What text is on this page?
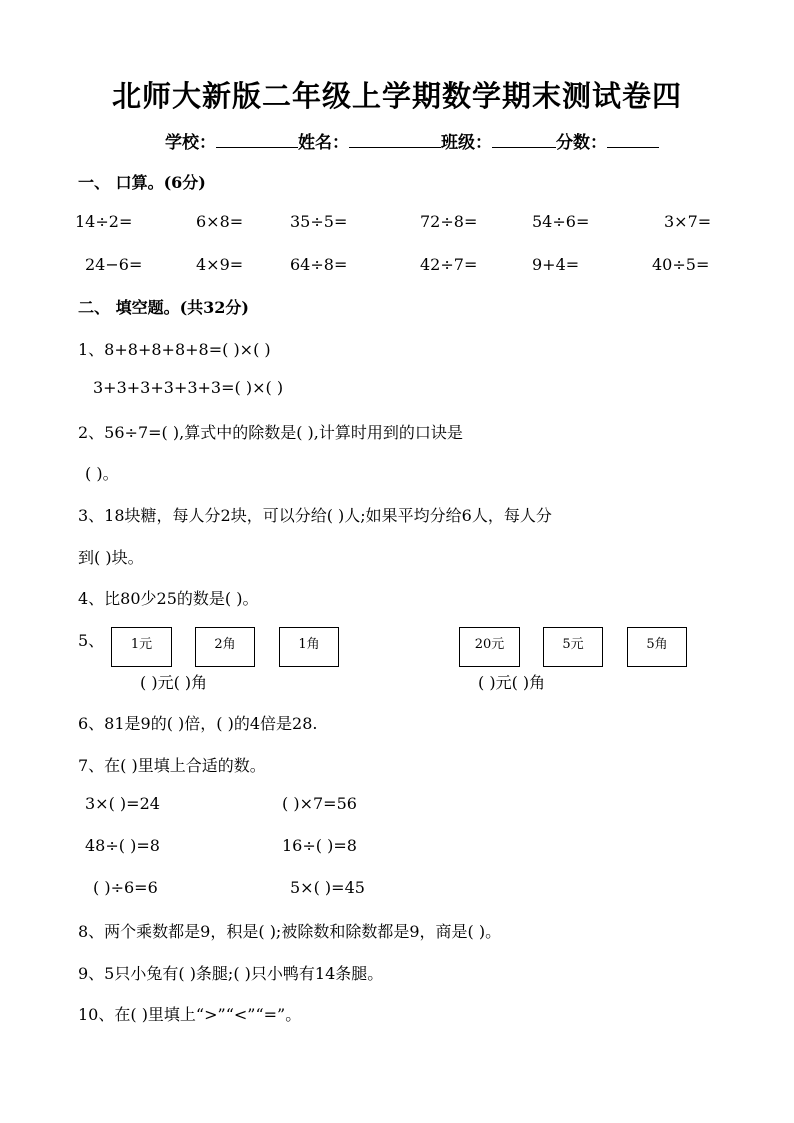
北师大新版二年级上学期数学期末测试卷四
学校：	姓名：	班级：	分数：
一、 口算。(6分)
14÷2=	6×8=	35÷5=	72÷8=	54÷6=	3×7=
24−6=	4×9=	64÷8=	42÷7=	9+4=	40÷5=
二、 填空题。(共32分)
1、8+8+8+8+8=( )×( )
3+3+3+3+3+3=( )×( )
2、56÷7=( ),算式中的除数是( ),计算时用到的口诀是
( )。
3、18块糖，每人分2块，可以分给( )人;如果平均分给6人，每人分
到( )块。
4、比80少25的数是( )。
5、	1元	2角	1角	20元	5元	5角
( )元( )角	( )元( )角
6、81是9的( )倍，( )的4倍是28.
7、在( )里填上合适的数。
3×( )=24	( )×7=56
48÷( )=8	16÷( )=8
( )÷6=6	5×( )=45
8、两个乘数都是9，积是( );被除数和除数都是9，商是( )。
9、5只小兔有( )条腿;( )只小鸭有14条腿。
10、在( )里填上“>”“<”“=”。
